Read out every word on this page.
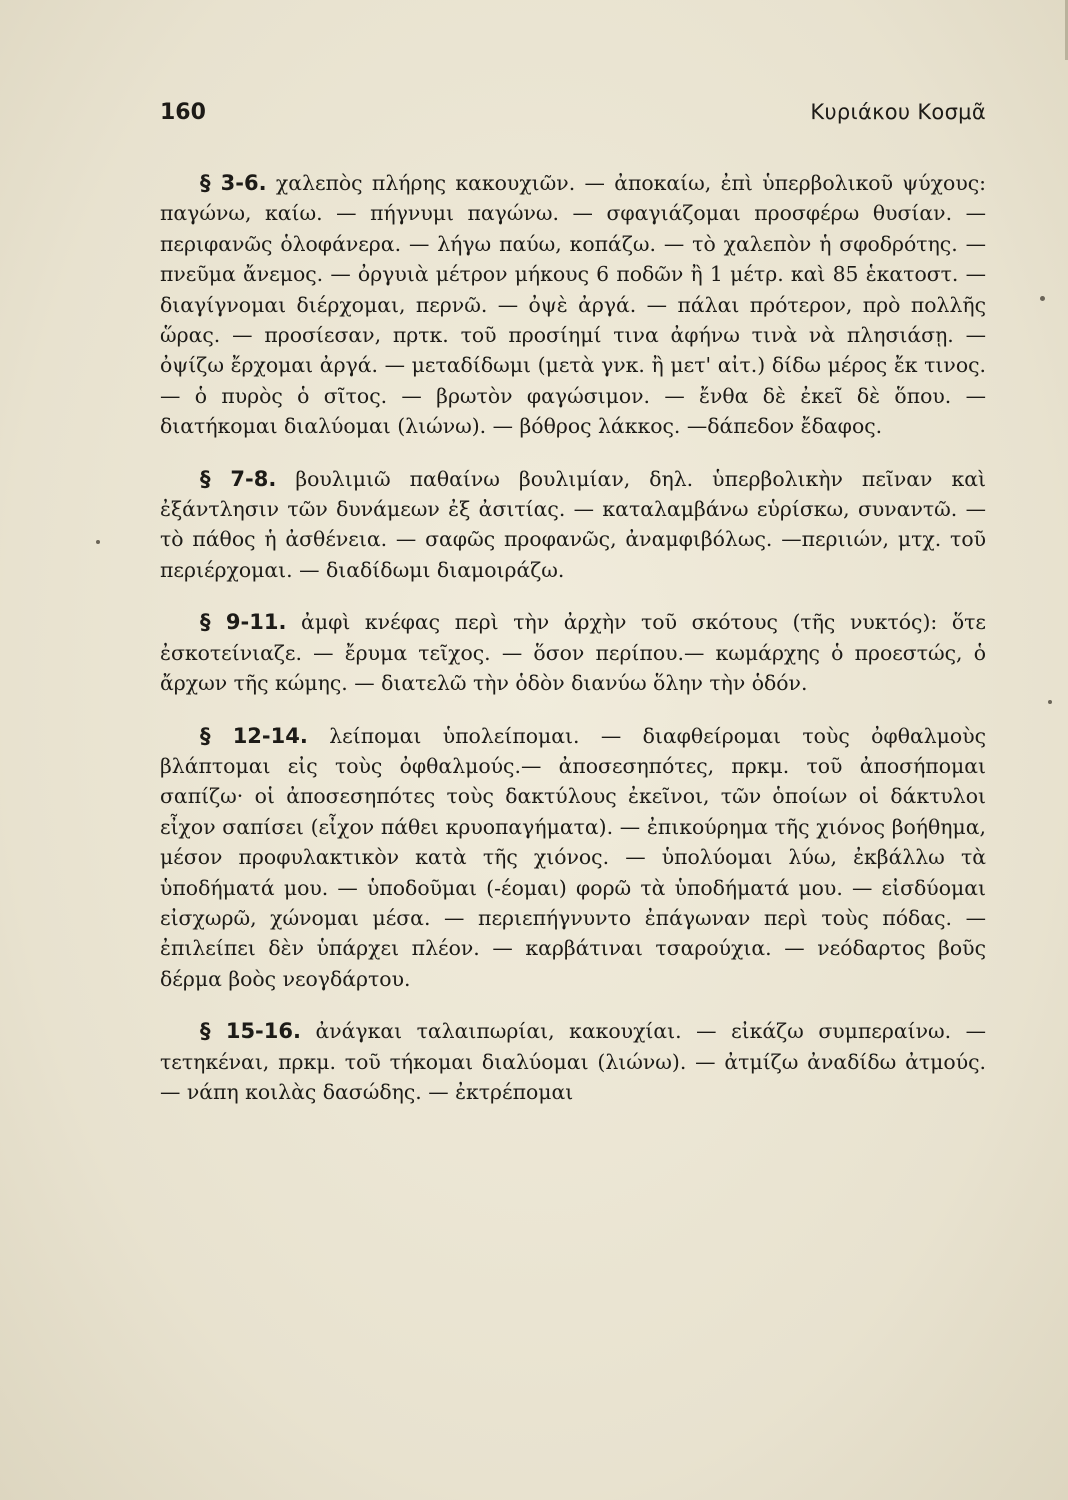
160	Κυριάκου Κοσμᾶ

§ 3-6. χαλεπὸς πλήρης κακουχιῶν. — ἀποκαίω, ἐπὶ ὑπερβολικοῦ ψύχους: παγώνω, καίω. — πήγνυμι παγώνω. — σφαγιάζομαι προσφέρω θυσίαν. — περιφανῶς ὁλοφάνερα. — λήγω παύω, κοπάζω. — τὸ χαλεπὸν ἡ σφοδρότης. — πνεῦμα ἄνεμος. — ὀργυιὰ μέτρον μήκους 6 ποδῶν ἢ 1 μέτρ. καὶ 85 ἑκατοστ. — διαγίγνομαι διέρχομαι, περνῶ. — ὀψὲ ἀργά. — πάλαι πρότερον, πρὸ πολλῆς ὥρας. — προσίεσαν, πρτκ. τοῦ προσίημί τινα ἀφήνω τινὰ νὰ πλησιάσῃ. — ὀψίζω ἔρχομαι ἀργά. — μεταδίδωμι (μετὰ γνκ. ἢ μετ' αἰτ.) δίδω μέρος ἔκ τινος. — ὁ πυρὸς ὁ σῖτος. — βρωτὸν φαγώσιμον. — ἔνθα δὲ ἐκεῖ δὲ ὅπου. — διατήκομαι διαλύομαι (λιώνω). — βόθρος λάκκος. —δάπεδον ἔδαφος.

§ 7-8. βουλιμιῶ παθαίνω βουλιμίαν, δηλ. ὑπερβολικὴν πεῖναν καὶ ἐξάντλησιν τῶν δυνάμεων ἐξ ἀσιτίας. — καταλαμβάνω εὑρίσκω, συναντῶ. — τὸ πάθος ἡ ἀσθένεια. — σαφῶς προφανῶς, ἀναμφιβόλως. —περιιών, μτχ. τοῦ περιέρχομαι. — διαδίδωμι διαμοιράζω.

§ 9-11. ἀμφὶ κνέφας περὶ τὴν ἀρχὴν τοῦ σκότους (τῆς νυκτός): ὅτε ἐσκοτείνιαζε. — ἔρυμα τεῖχος. — ὅσον περίπου.— κωμάρχης ὁ προεστώς, ὁ ἄρχων τῆς κώμης. — διατελῶ τὴν ὁδὸν διανύω ὅλην τὴν ὁδόν.

§ 12-14. λείπομαι ὑπολείπομαι. — διαφθείρομαι τοὺς ὀφθαλμοὺς βλάπτομαι εἰς τοὺς ὀφθαλμούς.— ἀποσεσηπότες, πρκμ. τοῦ ἀποσήπομαι σαπίζω· οἱ ἀποσεσηπότες τοὺς δακτύλους ἐκεῖνοι, τῶν ὁποίων οἱ δάκτυλοι εἶχον σαπίσει (εἶχον πάθει κρυοπαγήματα). — ἐπικούρημα τῆς χιόνος βοήθημα, μέσον προφυλακτικὸν κατὰ τῆς χιόνος. — ὑπολύομαι λύω, ἐκβάλλω τὰ ὑποδήματά μου. — ὑποδοῦμαι (-έομαι) φορῶ τὰ ὑποδήματά μου. — εἰσδύομαι εἰσχωρῶ, χώνομαι μέσα. — περιεπήγνυντο ἐπάγωναν περὶ τοὺς πόδας. — ἐπιλείπει δὲν ὑπάρχει πλέον. — καρβάτιναι τσαρούχια. — νεόδαρτος βοῦς δέρμα βοὸς νεογδάρτου.

§ 15-16. ἀνάγκαι ταλαιπωρίαι, κακουχίαι. — εἰκάζω συμπεραίνω. — τετηκέναι, πρκμ. τοῦ τήκομαι διαλύομαι (λιώνω). — ἀτμίζω ἀναδίδω ἀτμούς. — νάπη κοιλὰς δασώδης. — ἐκτρέπομαι
